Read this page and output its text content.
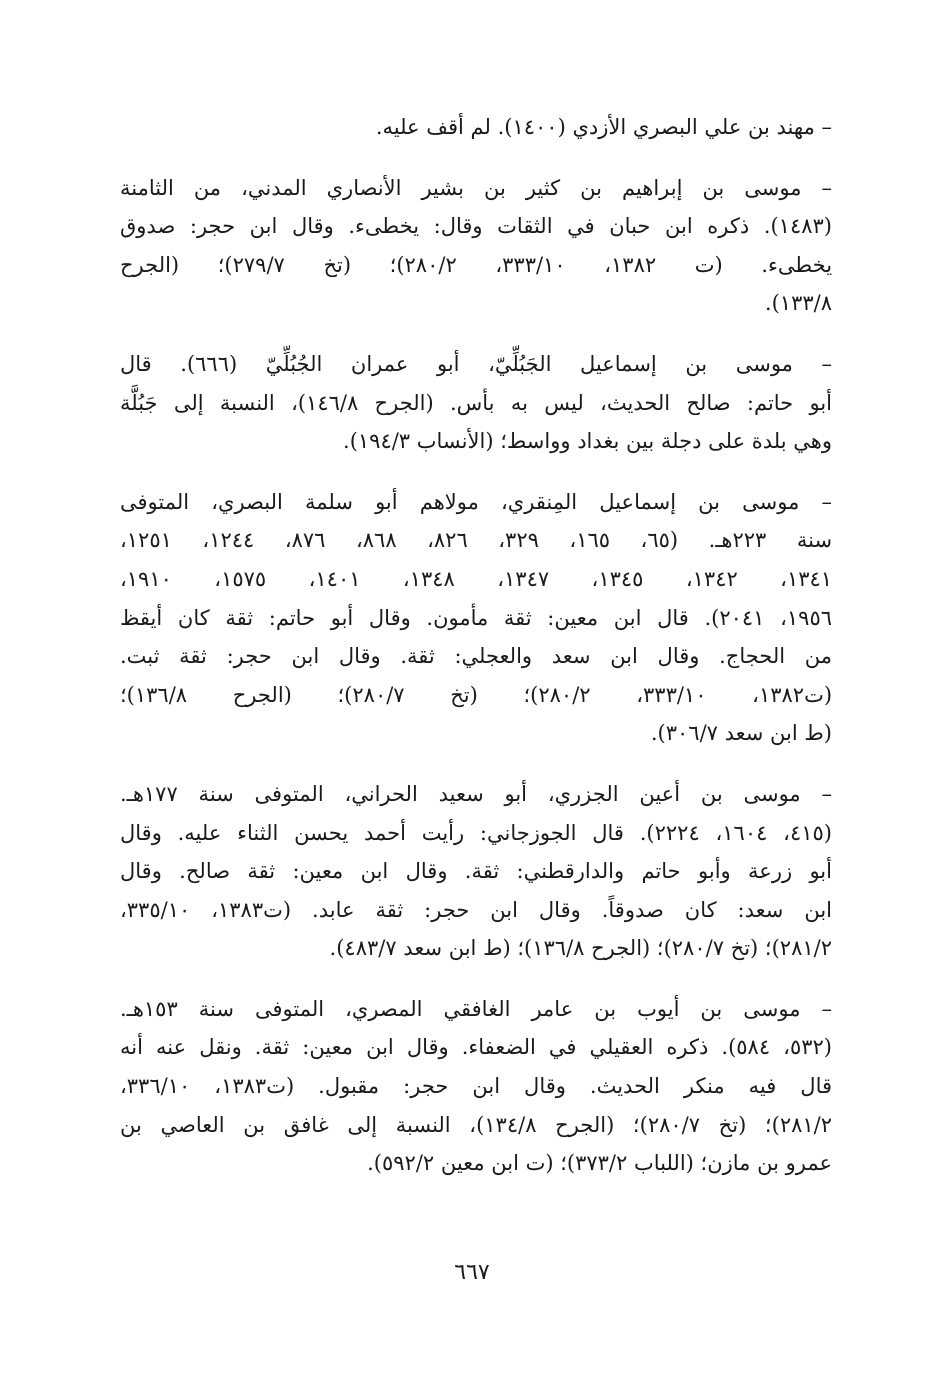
– مهند بن علي البصري الأزدي (١٤٠٠). لم أقف عليه.
– موسى بن إبراهيم بن كثير بن بشير الأنصاري المدني، من الثامنة
(١٤٨٣). ذكره ابن حبان في الثقات وقال: يخطىء. وقال ابن حجر: صدوق
يخطىء. (ت ١٣٨٢، ٣٣٣/١٠، ٢٨٠/٢)؛ (تخ ٢٧٩/٧)؛ (الجرح
١٣٣/٨).
– موسى بن إسماعيل الجَبُلِّيّ، أبو عمران الجُبُلِّيّ (٦٦٦). قال
أبو حاتم: صالح الحديث، ليس به بأس. (الجرح ١٤٦/٨)، النسبة إلى جَبُلَّة
وهي بلدة على دجلة بين بغداد وواسط؛ (الأنساب ١٩٤/٣).
– موسى بن إسماعيل المِنقري، مولاهم أبو سلمة البصري، المتوفى
سنة ٢٢٣هـ. (٦٥، ١٦٥، ٣٢٩، ٨٢٦، ٨٦٨، ٨٧٦، ١٢٤٤، ١٢٥١،
١٣٤١، ١٣٤٢، ١٣٤٥، ١٣٤٧، ١٣٤٨، ١٤٠١، ١٥٧٥، ١٩١٠،
١٩٥٦، ٢٠٤١). قال ابن معين: ثقة مأمون. وقال أبو حاتم: ثقة كان أيقظ
من الحجاج. وقال ابن سعد والعجلي: ثقة. وقال ابن حجر: ثقة ثبت.
(ت١٣٨٢، ٣٣٣/١٠، ٢٨٠/٢)؛ (تخ ٢٨٠/٧)؛ (الجرح ١٣٦/٨)؛
(ط ابن سعد ٣٠٦/٧).
– موسى بن أعين الجزري، أبو سعيد الحراني، المتوفى سنة ١٧٧هـ.
(٤١٥، ١٦٠٤، ٢٢٢٤). قال الجوزجاني: رأيت أحمد يحسن الثناء عليه. وقال
أبو زرعة وأبو حاتم والدارقطني: ثقة. وقال ابن معين: ثقة صالح. وقال
ابن سعد: كان صدوقاً. وقال ابن حجر: ثقة عابد. (ت١٣٨٣، ٣٣٥/١٠،
٢٨١/٢)؛ (تخ ٢٨٠/٧)؛ (الجرح ١٣٦/٨)؛ (ط ابن سعد ٤٨٣/٧).
– موسى بن أيوب بن عامر الغافقي المصري، المتوفى سنة ١٥٣هـ.
(٥٣٢، ٥٨٤). ذكره العقيلي في الضعفاء. وقال ابن معين: ثقة. ونقل عنه أنه
قال فيه منكر الحديث. وقال ابن حجر: مقبول. (ت١٣٨٣، ٣٣٦/١٠،
٢٨١/٢)؛ (تخ ٢٨٠/٧)؛ (الجرح ١٣٤/٨)، النسبة إلى غافق بن العاصي بن
عمرو بن مازن؛ (اللباب ٣٧٣/٢)؛ (ت ابن معين ٥٩٢/٢).
٦٦٧
